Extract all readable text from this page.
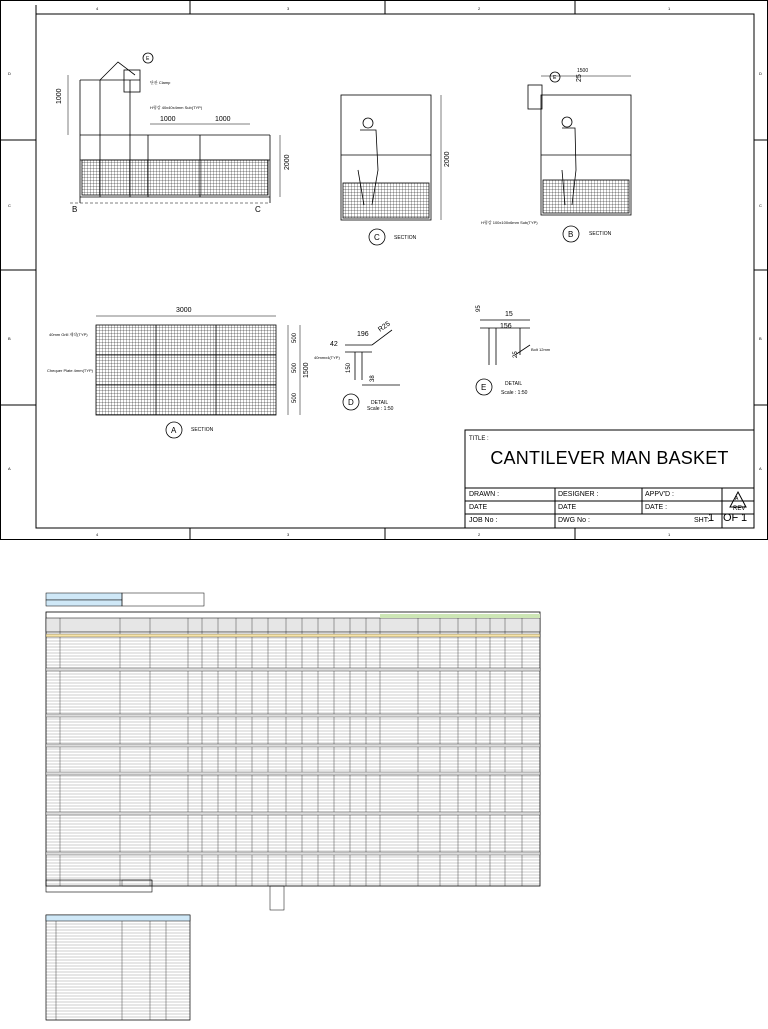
1000
2000
1000	1000
H형강 40x40x4mm Sub(TYP)
단관 Clamp
E
B	C
C	SECTION
2000
B	SECTION
1500
25
H형강 100x100x6mm Sub(TYP)
E
3000
500
500
500
1500
40mm Grill 제작(TYP)
Chequer Plate 4mm(TYP)
A	SECTION
196
42
R25
150
38
40mmx4(TYP)
D	DETAIL
Scale : 1:50
15
156
95
25
Bolt 12mm
E	DETAIL
Scale : 1:50
4	3	2	1
4	3	2	1
D
C
B
A
D
C
B
A
TITLE :
CANTILEVER MAN BASKET
DRAWN :	DESIGNER :	APPV'D :
DATE	DATE	DATE :
JOB No :	DWG No :	SHT:
1 OF 1
REV
A
